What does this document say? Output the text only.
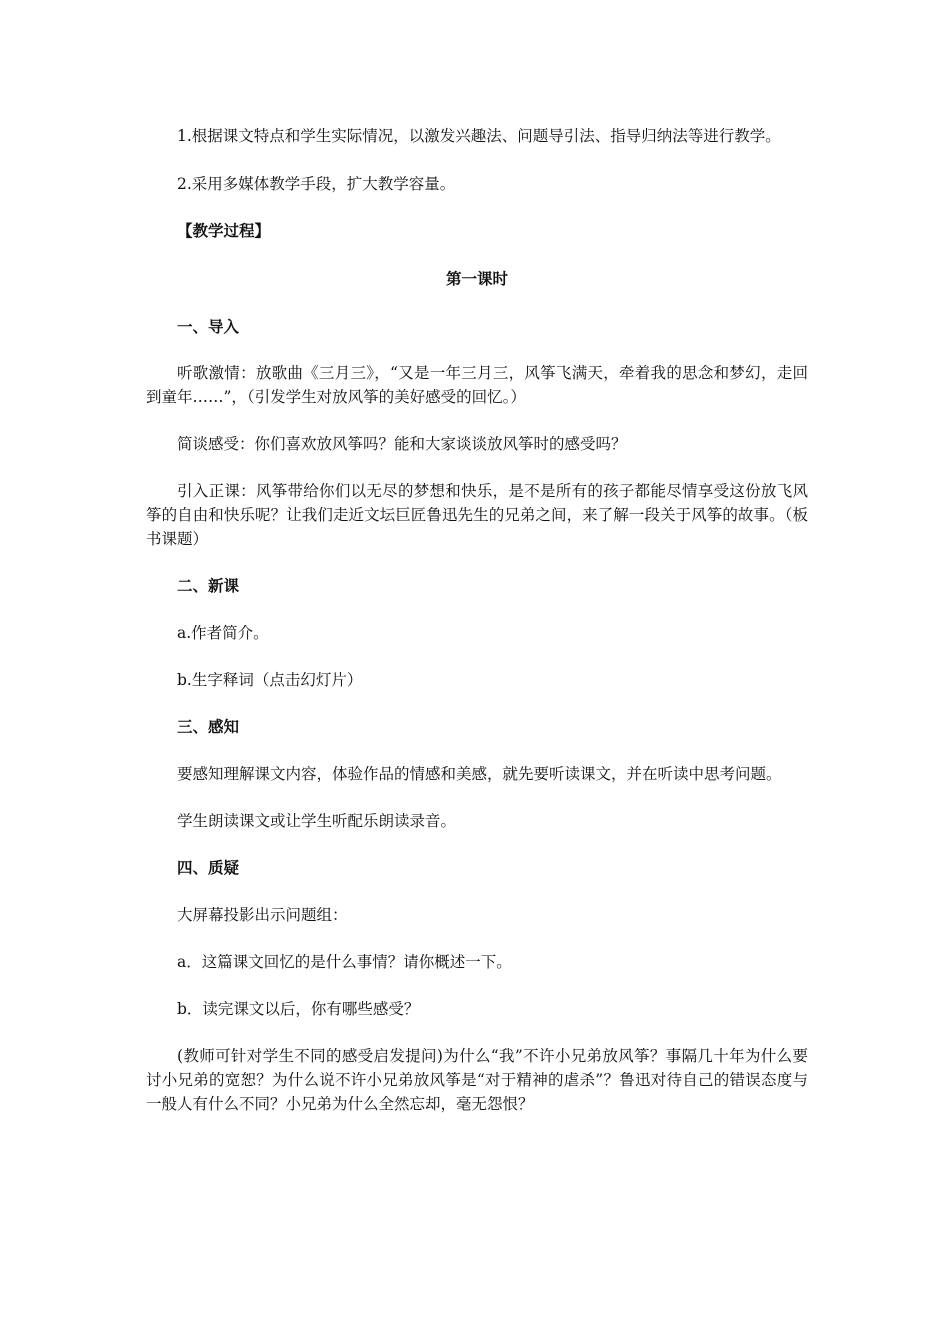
1.根据课文特点和学生实际情况，以激发兴趣法、问题导引法、指导归纳法等进行教学。

2.采用多媒体教学手段，扩大教学容量。

【教学过程】

第一课时

一、导入

听歌激情：放歌曲《三月三》，“又是一年三月三，风筝飞满天，牵着我的思念和梦幻，走回到童年……”，（引发学生对放风筝的美好感受的回忆。）

简谈感受：你们喜欢放风筝吗？能和大家谈谈放风筝时的感受吗？

引入正课：风筝带给你们以无尽的梦想和快乐，是不是所有的孩子都能尽情享受这份放飞风筝的自由和快乐呢？让我们走近文坛巨匠鲁迅先生的兄弟之间，来了解一段关于风筝的故事。（板书课题）

二、新课

a.作者简介。

b.生字释词（点击幻灯片）

三、感知

要感知理解课文内容，体验作品的情感和美感，就先要听读课文，并在听读中思考问题。

学生朗读课文或让学生听配乐朗读录音。

四、质疑

大屏幕投影出示问题组：

a．这篇课文回忆的是什么事情？请你概述一下。

b．读完课文以后，你有哪些感受？

(教师可针对学生不同的感受启发提问)为什么“我”不许小兄弟放风筝？事隔几十年为什么要讨小兄弟的宽恕？为什么说不许小兄弟放风筝是“对于精神的虐杀”？鲁迅对待自己的错误态度与一般人有什么不同？小兄弟为什么全然忘却，毫无怨恨？
